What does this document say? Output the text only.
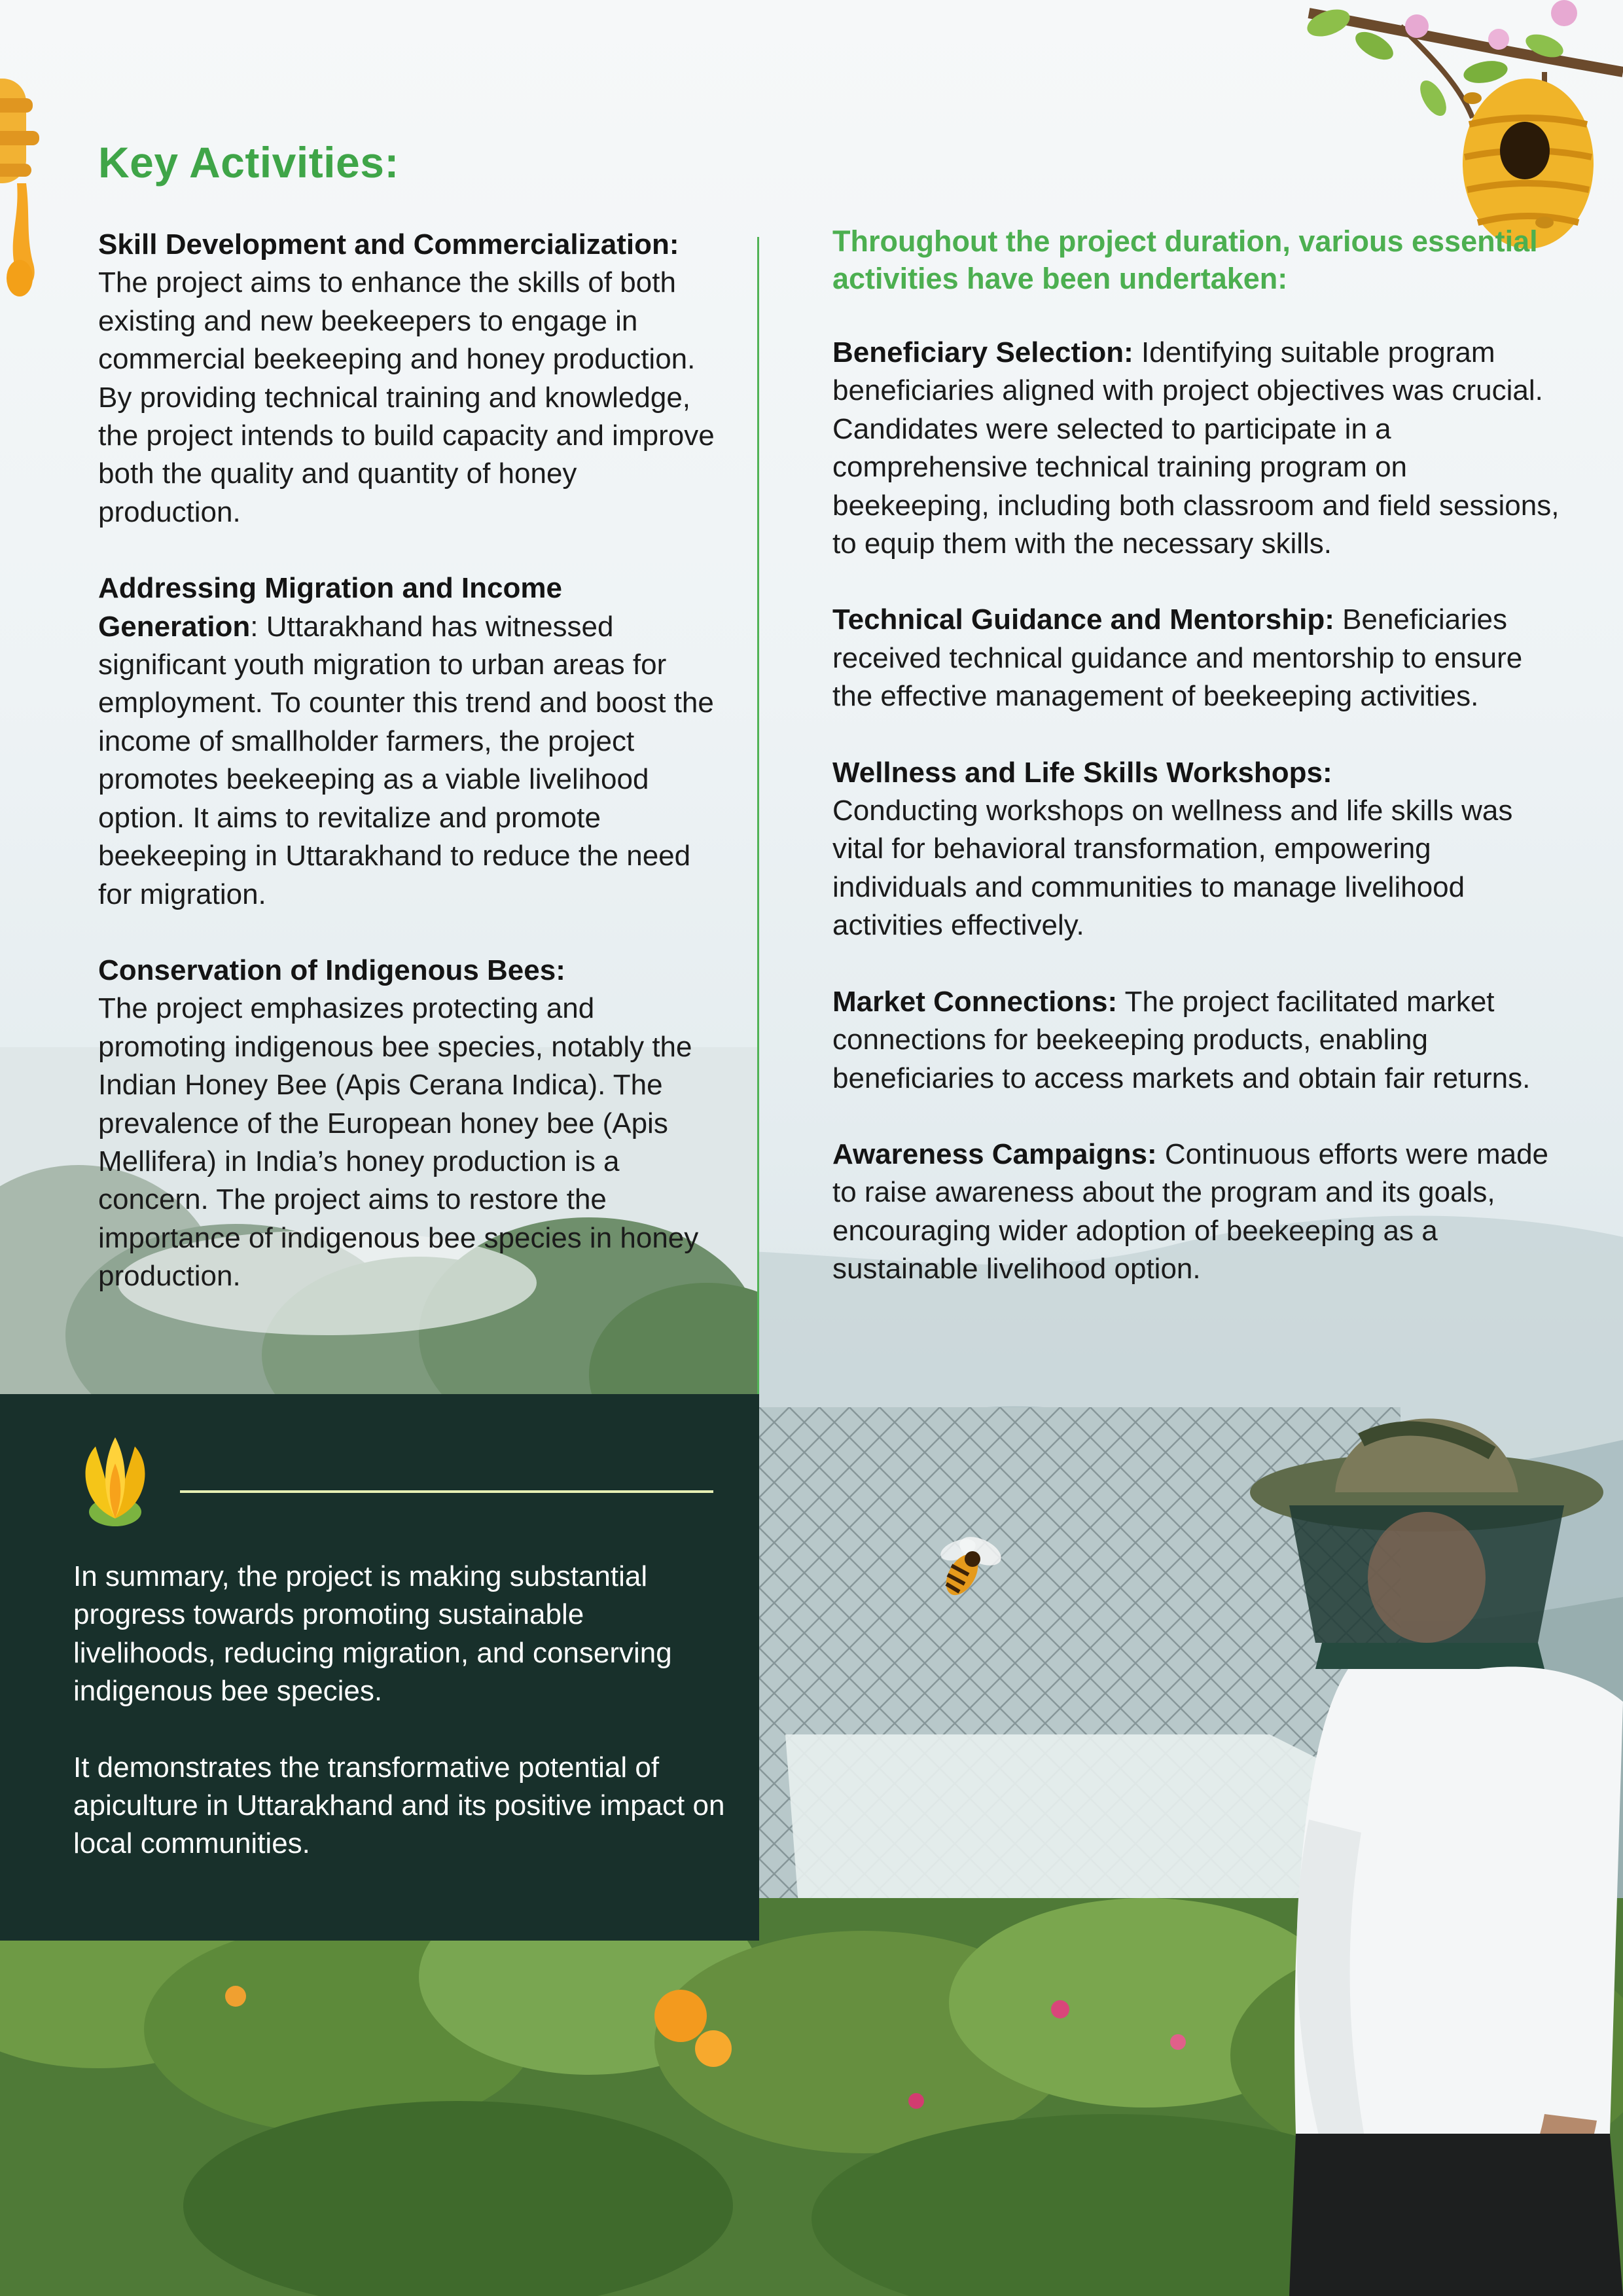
Key Activities:

Skill Development and Commercialization:
The project aims to enhance the skills of both existing and new beekeepers to engage in commercial beekeeping and honey production. By providing technical training and knowledge, the project intends to build capacity and improve both the quality and quantity of honey production.

Addressing Migration and Income Generation: Uttarakhand has witnessed significant youth migration to urban areas for employment. To counter this trend and boost the income of smallholder farmers, the project promotes beekeeping as a viable livelihood option. It aims to revitalize and promote beekeeping in Uttarakhand to reduce the need for migration.

Conservation of Indigenous Bees:
The project emphasizes protecting and promoting indigenous bee species, notably the Indian Honey Bee (Apis Cerana Indica). The prevalence of the European honey bee (Apis Mellifera) in India’s honey production is a concern. The project aims to restore the importance of indigenous bee species in honey production.

Throughout the project duration, various essential activities have been undertaken:

Beneficiary Selection: Identifying suitable program beneficiaries aligned with project objectives was crucial. Candidates were selected to participate in a comprehensive technical training program on beekeeping, including both classroom and field sessions, to equip them with the necessary skills.

Technical Guidance and Mentorship: Beneficiaries received technical guidance and mentorship to ensure the effective management of beekeeping activities.

Wellness and Life Skills Workshops:
Conducting workshops on wellness and life skills was vital for behavioral transformation, empowering individuals and communities to manage livelihood activities effectively.

Market Connections: The project facilitated market connections for beekeeping products, enabling beneficiaries to access markets and obtain fair returns.

Awareness Campaigns: Continuous efforts were made to raise awareness about the program and its goals, encouraging wider adoption of beekeeping as a sustainable livelihood option.

In summary, the project is making substantial progress towards promoting sustainable livelihoods, reducing migration, and conserving indigenous bee species.

It demonstrates the transformative potential of apiculture in Uttarakhand and its positive impact on local communities.
